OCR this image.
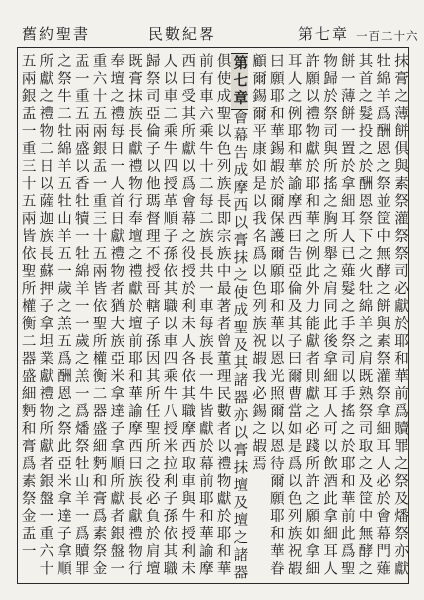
舊約聖書	民數紀畧	第七章 一百二十六
抹膏之薄餅俱與素祭灌祭祭司必獻於耶和華前爲贖罪之祭及燔祭亦獻
牡綿羊爲酬恩之祭並筐中無酵之餅與素祭灌祭拿細耳人必於會幕門薙
其首之髮投之於酬恩祭下之火牡綿羊之肩既熟祭司取之及筐中無酵之
餅一薄餅一置於拿細耳人已薙髮之手祭司以手搖之於耶和華前此爲聖
物歸於祭司與所搖之胸所舉之肩同此後拿細耳人可以飲酒此拿細耳人
許願以禮物獻於耶和華之例此外力能獻者則獻之必踐所許之願如拿細
耳人之例耶和華諭摩西曰告亞倫及其子曰爾曹當如是爲以色列族祝嘏
曰願耶和華錫嘏於爾保護爾願耶和華以恩光照爾以恩待爾願耶和華眷
顧爾錫爾平康如是以我名爲以色列族祝嘏我必錫之嘏焉
第七章會幕告成摩西以膏抹之使成聖及其諸器亦以膏抹壇及壇之諸器
俱使成聖以色列族長即宗族中最著者曾董理民數者以禮物獻於耶和華
前有車六乘牛十二每二族長共一車每族長一牛皆獻於幕前耶和華諭摩
西曰受其所獻以爲會幕之役授於利未人各依其職摩西取車與牛授利未
人以車二乘牛四授革順子孫依其職以車四乘牛八授米拉利子孫依其職
歸祭司亞倫子以他瑪督理不授哥轄子孫因其所任聖所之役必負於肩壇
既膏抹族長獻禮物行奉壇之禮獻於壇前耶和華諭摩西曰族長獻禮物行
奉壇之禮每日一人首日獻禮物者猶大族亞米拿達子拿順所獻者銀盤一
重六十五兩銀盂一重三十五兩皆依聖所權衡二器盛細麪和膏爲素祭金
盂一重五兩盛以香牡犢一牡綿羊一一歲之羔一爲燔祭牡山羊一爲贖罪
之祭牛二牡綿羊五牡山羊五一歲之羔五爲酬恩之祭此亞米拿達子拿順
所獻之禮物二日以薩迦族長蘇押子拿坦業獻禮物所獻者銀盤一重六十
五兩銀盂一重三十五兩皆依聖所權衡二器盛細麪和膏爲素祭金盂一
